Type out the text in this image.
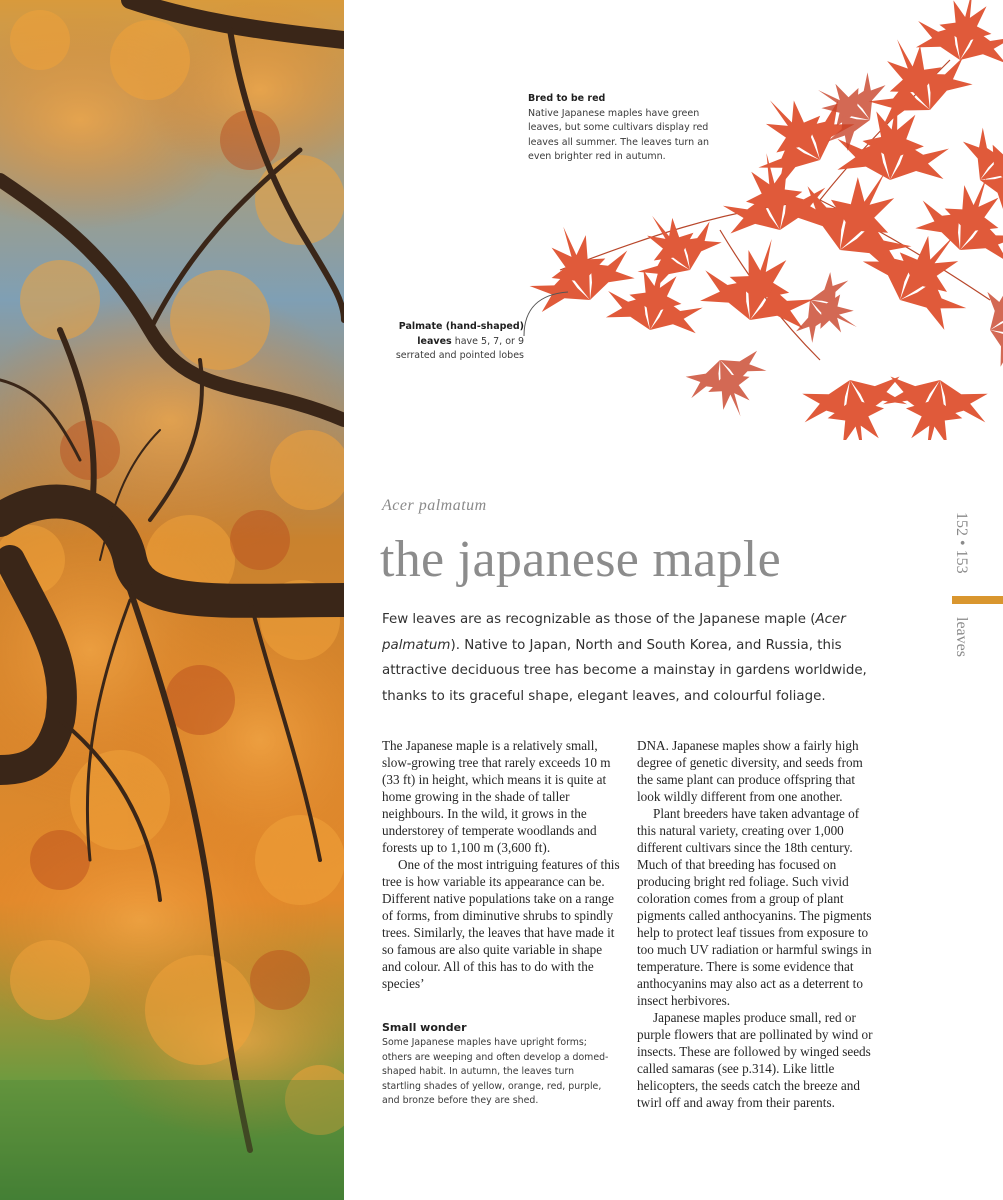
Bred to be red
Native Japanese maples have green leaves, but some cultivars display red leaves all summer. The leaves turn an even brighter red in autumn.
Palmate (hand-shaped) leaves have 5, 7, or 9 serrated and pointed lobes
Acer palmatum
the japanese maple
Few leaves are as recognizable as those of the Japanese maple (Acer palmatum). Native to Japan, North and South Korea, and Russia, this attractive deciduous tree has become a mainstay in gardens worldwide, thanks to its graceful shape, elegant leaves, and colourful foliage.

The Japanese maple is a relatively small, slow-growing tree that rarely exceeds 10 m (33 ft) in height, which means it is quite at home growing in the shade of taller neighbours. In the wild, it grows in the understorey of temperate woodlands and forests up to 1,100 m (3,600 ft).

One of the most intriguing features of this tree is how variable its appearance can be. Different native populations take on a range of forms, from diminutive shrubs to spindly trees. Similarly, the leaves that have made it so famous are also quite variable in shape and colour. All of this has to do with the species’

Small wonder
Some Japanese maples have upright forms; others are weeping and often develop a domed-shaped habit. In autumn, the leaves turn startling shades of yellow, orange, red, purple, and bronze before they are shed.

DNA. Japanese maples show a fairly high degree of genetic diversity, and seeds from the same plant can produce offspring that look wildly different from one another.

Plant breeders have taken advantage of this natural variety, creating over 1,000 different cultivars since the 18th century. Much of that breeding has focused on producing bright red foliage. Such vivid coloration comes from a group of plant pigments called anthocyanins. The pigments help to protect leaf tissues from exposure to too much UV radiation or harmful swings in temperature. There is some evidence that anthocyanins may also act as a deterrent to insect herbivores.

Japanese maples produce small, red or purple flowers that are pollinated by wind or insects. These are followed by winged seeds called samaras (see p.314). Like little helicopters, the seeds catch the breeze and twirl off and away from their parents.

152 • 153
leaves
